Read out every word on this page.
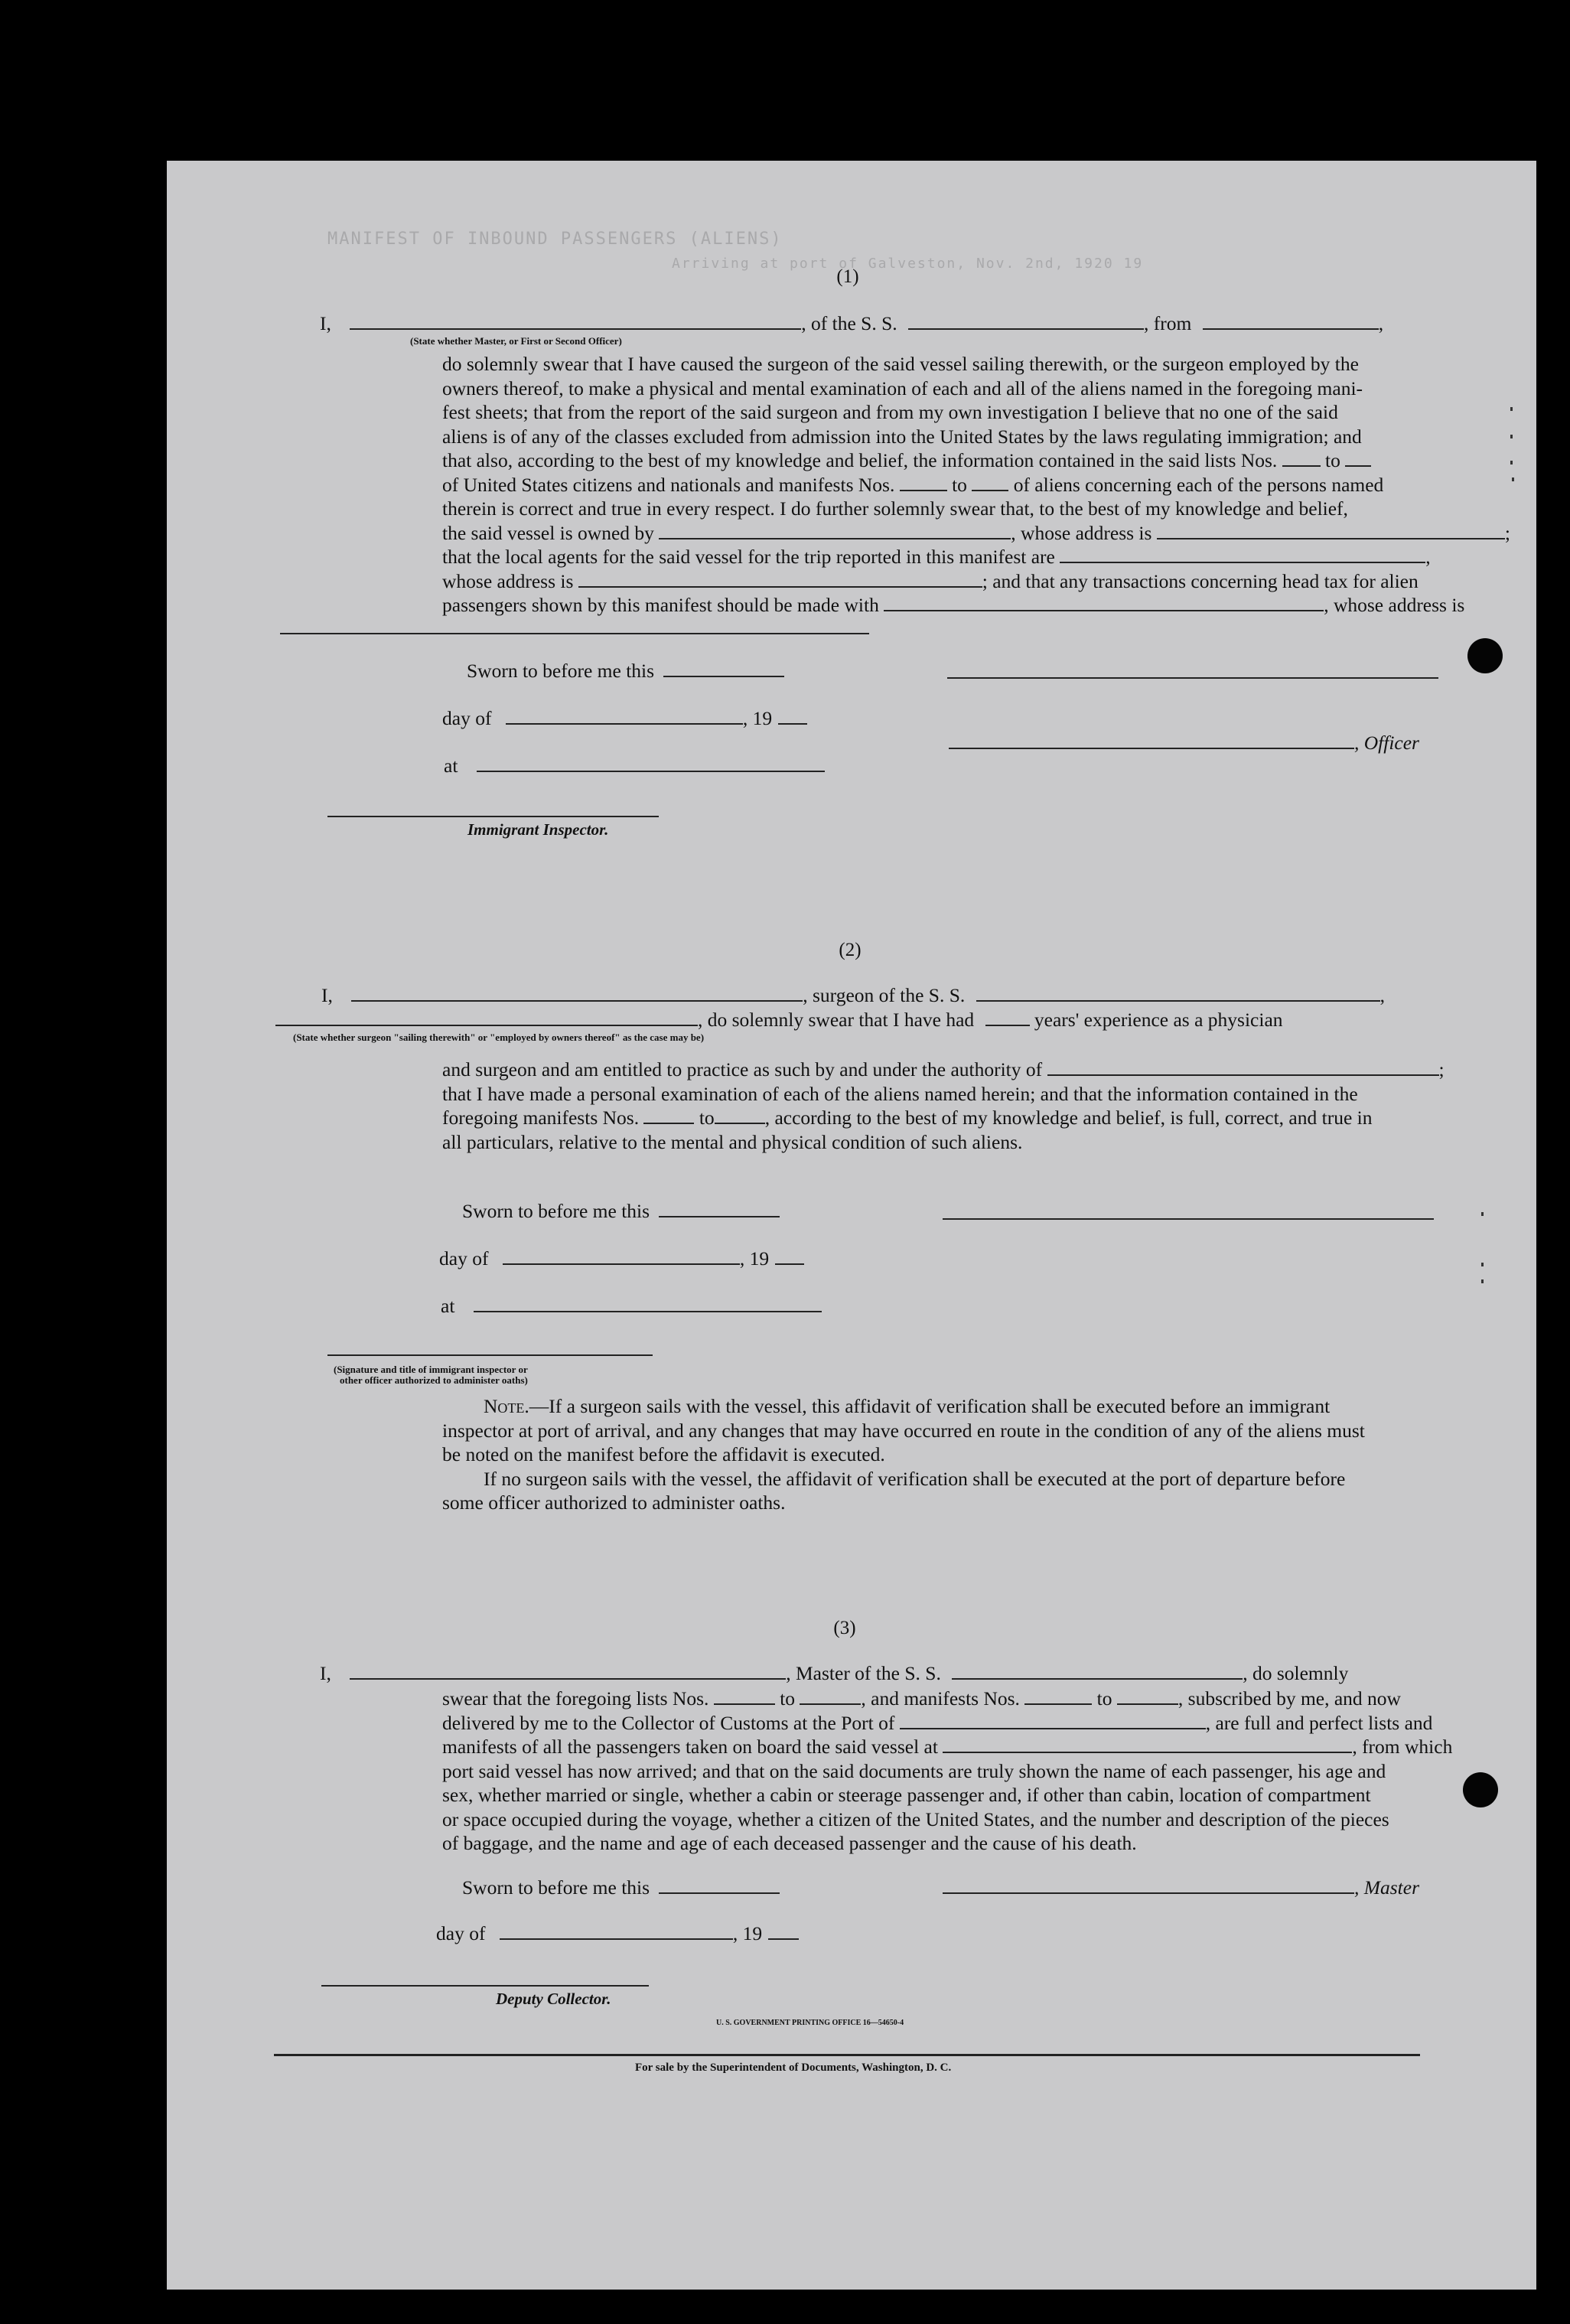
MANIFEST OF INBOUND PASSENGERS (ALIENS)
Arriving at port of Galveston, Nov. 2nd, 1920 19
(1)
I,	, of the S. S.	, from	,
(State whether Master, or First or Second Officer)
do solemnly swear that I have caused the surgeon of the said vessel sailing therewith, or the surgeon employed by the
owners thereof, to make a physical and mental examination of each and all of the aliens named in the foregoing mani-
fest sheets; that from the report of the said surgeon and from my own investigation I believe that no one of the said
aliens is of any of the classes excluded from admission into the United States by the laws regulating immigration; and
that also, according to the best of my knowledge and belief, the information contained in the said lists Nos. to
of United States citizens and nationals and manifests Nos.	to of aliens concerning each of the persons named
therein is correct and true in every respect. I do further solemnly swear that, to the best of my knowledge and belief,
the said vessel is owned by	, whose address is	;
that the local agents for the said vessel for the trip reported in this manifest are	,
whose address is	; and that any transactions concerning head tax for alien
passengers shown by this manifest should be made with	, whose address is
Sworn to before me this
day of	, 19
, Officer
at
Immigrant Inspector.
(2)
I,	, surgeon of the S. S.	,
, do solemnly swear that I have had	years' experience as a physician
(State whether surgeon "sailing therewith" or "employed by owners thereof" as the case may be)
and surgeon and am entitled to practice as such by and under the authority of	;
that I have made a personal examination of each of the aliens named herein; and that the information contained in the
foregoing manifests Nos.	to	, according to the best of my knowledge and belief, is full, correct, and true in
all particulars, relative to the mental and physical condition of such aliens.
Sworn to before me this
day of	, 19
at
(Signature and title of immigrant inspector or
other officer authorized to administer oaths)
Note.—If a surgeon sails with the vessel, this affidavit of verification shall be executed before an immigrant
inspector at port of arrival, and any changes that may have occurred en route in the condition of any of the aliens must
be noted on the manifest before the affidavit is executed.
If no surgeon sails with the vessel, the affidavit of verification shall be executed at the port of departure before
some officer authorized to administer oaths.
(3)
I,	, Master of the S. S.	, do solemnly
swear that the foregoing lists Nos.	to	, and manifests Nos.	to	, subscribed by me, and now
delivered by me to the Collector of Customs at the Port of	, are full and perfect lists and
manifests of all the passengers taken on board the said vessel at	, from which
port said vessel has now arrived; and that on the said documents are truly shown the name of each passenger, his age and
sex, whether married or single, whether a cabin or steerage passenger and, if other than cabin, location of compartment
or space occupied during the voyage, whether a citizen of the United States, and the number and description of the pieces
of baggage, and the name and age of each deceased passenger and the cause of his death.
Sworn to before me this	, Master
day of	, 19
Deputy Collector.
U. S. GOVERNMENT PRINTING OFFICE 16—54650-4
For sale by the Superintendent of Documents, Washington, D. C.
